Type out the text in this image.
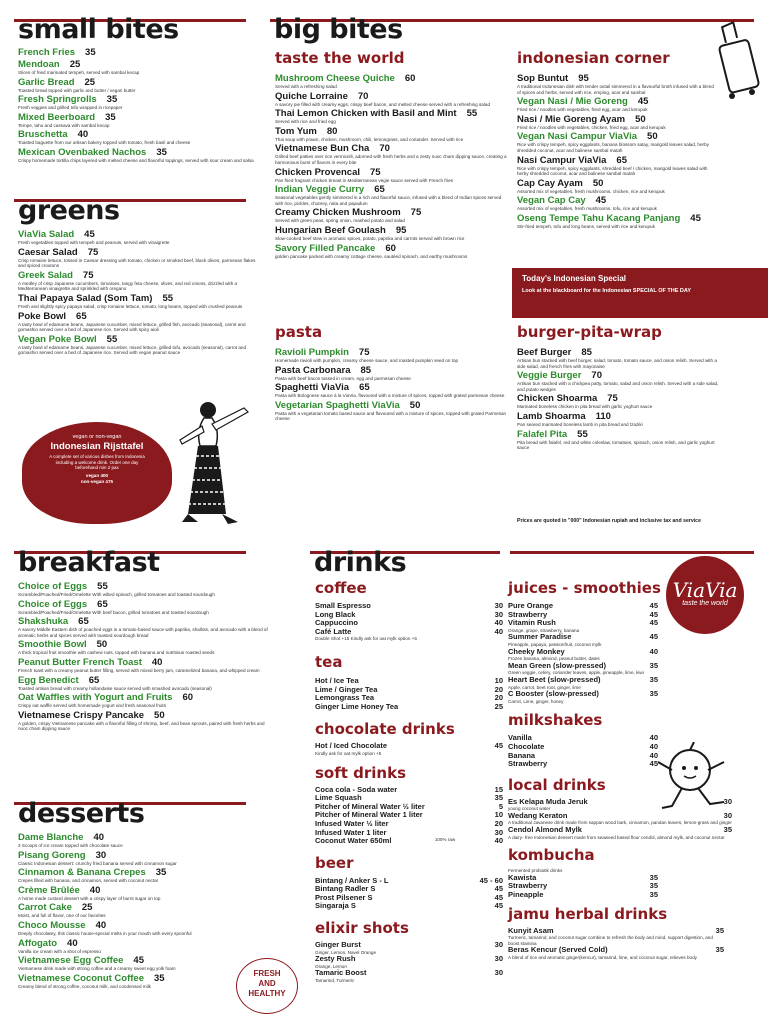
small bites
French Fries 35
Mendoan 25
Slices of fried marinated tempeh, served with sambal kecap
Garlic Bread 25
Toasted bread topped with garlic and butter / vegan butter
Fresh Springrolls 35
Fresh veggies and grilled tofu wrapped in ricepaper
Mixed Beerboard 35
Tempe, tahu and cassava with sambal kecap
Bruschetta 40
Toasted baguette from our artisan bakery topped with tomato, fresh basil and cheese
Mexican Ovenbaked Nachos 35
Crispy homemade tortilla chips layered with melted cheese and flavorful toppings, served with sour cream and salsa
greens
ViaVia Salad 45
Fresh vegetables topped with tempeh and peanuts, served with vinaigrette
Caesar Salad 75
Crisp romaine lettuce, tossed in Caesar dressing with tomato, chicken or smoked beef, black olives, parmesan flakes and spiced croutons
Greek Salad 75
A medley of crisp Japanese cucumbers, tomatoes, tangy feta cheese, olives, and red onions, drizzled with a Mediterranean vinaigrette and sprinkled with oregano
Thai Papaya Salad (Som Tam) 55
Fresh and slightly spicy papaya salad, crisp romaine lettuce, tomato, long beans, topped with crushed peanuts
Poke Bowl 65
A tasty bowl of edamame beans, Japanese cucumber, mixed lettuce, grilled fish, avocado (seasonal), carrot and gomashio served over a bed of Japanese rice. Served with spicy aioli
Vegan Poke Bowl 55
A tasty bowl of edamame beans, Japanese cucumber, mixed lettuce, grilled tofu, avocado (seasonal), carrot and gomashio served over a bed of Japanese rice. Served with vegan peanut sauce
vegan or non-vegan
Indonesian Rijsttafel
A complete set of various dishes from Indonesia including a welcome drink. Order one day beforehand min 2 pax
vegan 400
non-vegan 475
big bites
taste the world
Mushroom Cheese Quiche 60
Served with a refreshing salad
Quiche Lorraine 70
A savory pie filled with creamy eggs, crispy beef bacon, and melted cheese served with a refreshing salad
Thai Lemon Chicken with Basil and Mint 55
Served with rice and fried egg
Tom Yum 80
Thai soup with prawn, chicken, mushroom, chili, lemongrass, and coriander. Served with rice
Vietnamese Bun Cha 70
Grilled beef patties over rice vermicelli, adorned with fresh herbs and a zesty nuoc cham dipping sauce, creating a harmonious burst of flavors in every bite
Chicken Provencal 75
Pan fried fragrant chicken breast in Mediterranean vegie sauce served with French fries
Indian Veggie Curry 65
Seasonal vegetables gently simmered in a rich and flavorful sauce, infused with a blend of Indian spices served with rice, pickles, chutney, raita and papadum
Creamy Chicken Mushroom 75
Served with green peas, spring onion, mashed potato and salad
Hungarian Beef Goulash 95
Slow-cooked beef stew in aromatic spices, potato, paprika and carrots served with brown rice
Savory Filled Pancake 60
golden pancake packed with creamy cottage cheese, sautéed spinach, and earthy mushrooms
indonesian corner
Sop Buntut 95
A traditional Indonesian dish with tender oxtail simmered in a flavourful broth infused with a blend of spices and herbs, served with rice, emping, acar and sambal
Vegan Nasi / Mie Goreng 45
Fried rice / noodles with vegetables, fried egg, acar and kerupuk
Nasi / Mie Goreng Ayam 50
Fried rice / noodles with vegetables, chicken, fried egg, acar and kerupuk
Vegan Nasi Campur ViaVia 50
Rice with crispy tempeh, spicy eggplants, banana blossom satay, marigold leaves salad, herby shredded coconut, acar and balinese sambal matah
Nasi Campur ViaVia 65
Rice with crispy tempeh, spicy eggplants, shredded beef / chicken, marigold leaves salad with herby shredded coconut, acar and balinese sambal matah
Cap Cay Ayam 50
Assorted mix of vegetables, fresh mushrooms, chicken, rice and kerupuk
Vegan Cap Cay 45
Assorted mix of vegetables, fresh mushrooms, tofu, rice and kerupuk
Oseng Tempe Tahu Kacang Panjang 45
Stir-fried tempeh, tofu and long beans, served with rice and kerupuk
Today's Indonesian Special
Look at the blackboard for the Indonesian SPECIAL OF THE DAY
pasta
Ravioli Pumpkin 75
Homemade ravioli with pumpkin, creamy cheese sauce, and roasted pumpkin seed on top
Pasta Carbonara 85
Pasta with beef bacon tossed in cream, egg and parmesan cheese
Spaghetti ViaVia 65
Pasta with Bolognese sauce à la ViaVia, flavoured with a mixture of spices, topped with grated parmesan cheese
Vegetarian Spaghetti ViaVia 50
Pasta with a vegetarian tomato based sauce and flavoured with a mixture of spices, topped with grated Parmesan cheese
burger-pita-wrap
Beef Burger 85
Artisan bun stacked with beef burger, salad, tomato, tomato sauce, and onion relish. Served with a side salad, and french fries with mayonaise
Veggie Burger 70
Artisan bun stacked with a chickpea patty, tomato, salad and onion relish. Served with a side salad, and potato wedges
Chicken Shoarma 75
Marinated boneless chicken in pita bread with garlic yoghurt sauce
Lamb Shoarma 110
Pan seared marinated boneless lamb in pita bread and tzaziki
Falafel Pita 55
Pita bread with falafel, red and white coleslaw, tomatoes, spinach, onion relish, and garlic yoghurt sauce
Prices are quoted in "000" Indonesian rupiah and inclusive tax and service
breakfast
Choice of Eggs 55
Scrambled/Poached/Fried/Omelette With wilted spinach, grilled tomatoes and toasted sourdough
Choice of Eggs 65
Scrambled/Poached/Fried/Omelette With beef bacon, grilled tomatoes and toasted sourdough
Shakshuka 65
A savory Middle Eastern dish of poached eggs in a tomato-based sauce with paprika, shallots, and avocado with a blend of aromatic herbs and spices served with toasted sourdough bread
Smoothie Bowl 50
A thick tropical fruit smoothie with cashew nuts, topped with banana and nutritious roasted seeds
Peanut Butter French Toast 40
French toast with a creamy peanut butter filling, served with mixed berry jam, caramelized banana, and whipped cream
Egg Benedict 65
Toasted artisan bread with creamy hollandaise sauce served with smashed avocado (seasonal)
Oat Waffles with Yogurt and Fruits 60
Crispy oat waffle served with homemade yogurt and fresh seasonal fruits
Vietnamese Crispy Pancake 50
A golden, crispy Vietnamese pancake with a flavorful filling of shrimp, beef, and bean sprouts, paired with fresh herbs and nuoc cham dipping sauce
desserts
Dame Blanche 40
3 Scoops of ice cream topped with chocolate sauce
Pisang Goreng 30
Classic Indonesian dessert: crunchy fried banana served with cinnamon sugar
Cinnamon & Banana Crepes 35
Crepes filled with banana, and cinnamon, served with coconut nectar
Crème Brûlée 40
A home made custard dessert with a crispy layer of burnt sugar on top
Carrot Cake 25
Moist, and full of flavor, one of our favorites
Choco Mousse 40
Deeply chocolatey, this classic house-special melts in your mouth with every spoonful
Affogato 40
Vanilla ice cream with a shot of espresso
Vietnamese Egg Coffee 45
Vietnamese drink made with strong coffee and a creamy sweet egg yolk foam
Vietnamese Coconut Coffee 35
Creamy blend of strong coffee, coconut milk, and condensed milk
FRESH
AND
HEALTHY
drinks
coffee
Small Espresso	30
Long Black	30
Cappuccino	40
Café Latte	40
Double Shot +15 Kindly ask for oat mylk option +5
tea
Hot / Ice Tea	10
Lime / Ginger Tea	20
Lemongrass Tea	20
Ginger Lime Honey Tea	25
chocolate drinks
Hot / Iced Chocolate	45
Kindly ask for oat mylk option +5
soft drinks
Coca cola - Soda water	15
Lime Squash	35
Pitcher of Mineral Water ½ liter	5
Pitcher of Mineral Water 1 liter	10
Infused Water ½ liter	20
Infused Water 1 liter	30
Coconut Water 650ml	100% raw	40
beer
Bintang / Anker S - L	45 - 60
Bintang Radler S	45
Prost Pilsener S	45
Singaraja S	45
elixir shots
Ginger Burst	30
Ginger, Lemon, Navel Orange
Zesty Rush	30
Orange, Lemon
Tamaric Boost	30
Tamarind, Turmeric
juices - smoothies
Pure Orange	45
Strawberry	45
Vitamin Rush	45
Orange, grape, strawberry, banana
Summer Paradise	45
Pineapple, papaya, passionfruit, coconut mylk
Cheeky Monkey	40
Frozen banana, almond, peanut butter, dates
Mean Green (slow-pressed)	35
Green veggie, celery, coriander leaves, apple, pineapple, lime, kiwi
Heart Beet (slow-pressed)	35
Apple, carrot, beet root, ginger, lime
C Booster (slow-pressed)	35
Carrot, Lime, ginger, honey
milkshakes
Vanilla	40
Chocolate	40
Banana	40
Strawberry	45
local drinks
Es Kelapa Muda Jeruk	30
young coconut water
Wedang Keraton	30
A traditional Javanese drink made from sappan wood bark, cinnamon, pandan leaves, lemon-grass and ginger
Cendol Almond Mylk	35
A dairy- free Indonesian dessert made from seaweed based flour cendol, almond mylk, and coconut nectar
kombucha
Fermented probiotik drinks
Kawista	35
Strawberry	35
Pineapple	35
jamu herbal drinks
Kunyit Asam	35
Turmeric, tamarind, and coconut sugar combine to refresh the body and mind, support digestion, and boost stamina
Beras Kencur (Served Cold)	35
A blend of rice and aromatic ginger(kencur), tamarind, lime, and coconut sugar, relieves body
ViaVia
taste the world
